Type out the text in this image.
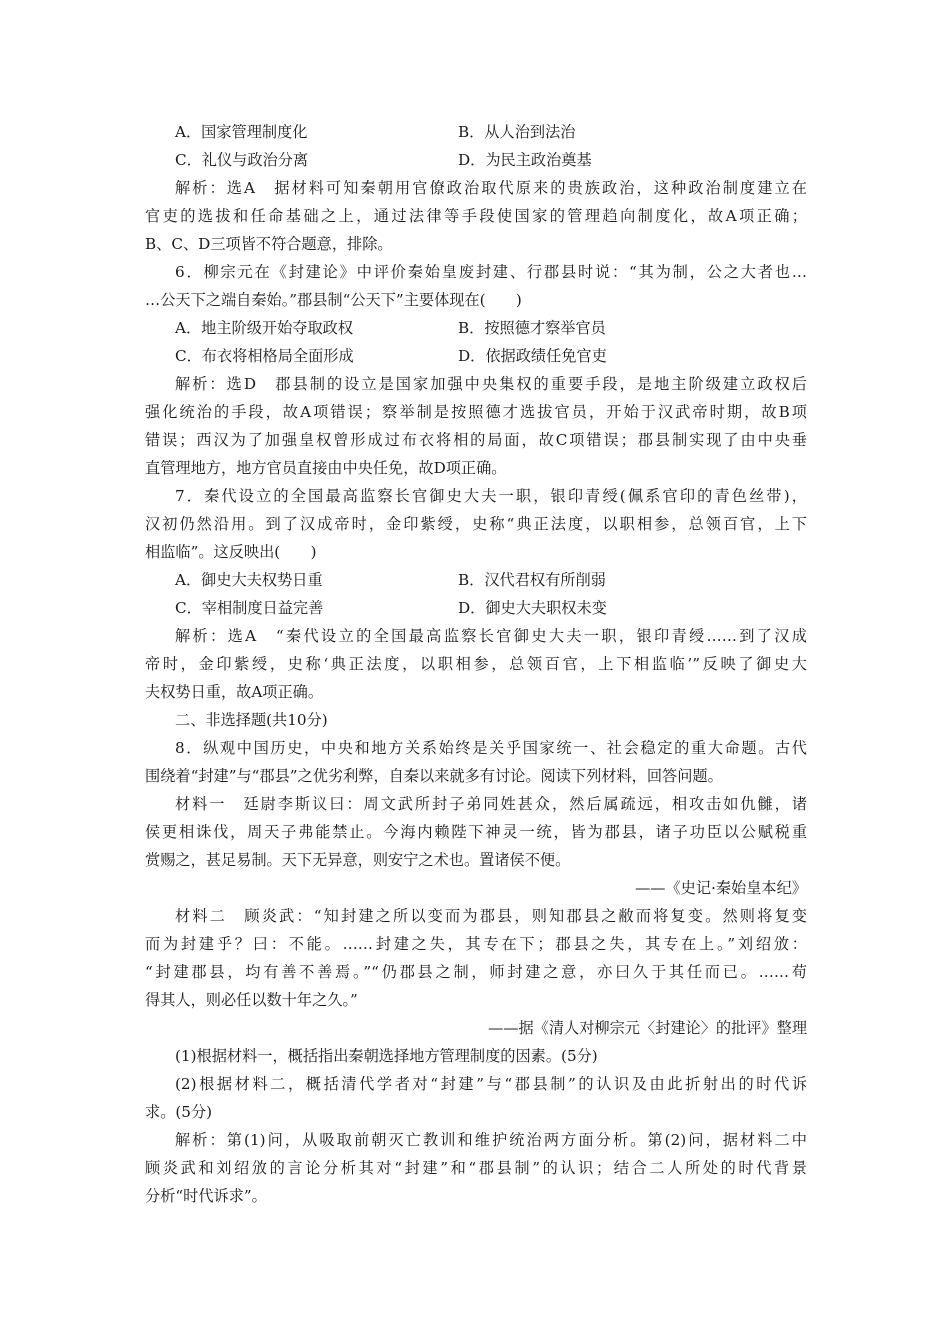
A．国家管理制度化	B．从人治到法治
C．礼仪与政治分离	D．为民主政治奠基
解析：选A　据材料可知秦朝用官僚政治取代原来的贵族政治，这种政治制度建立在
官吏的选拔和任命基础之上，通过法律等手段使国家的管理趋向制度化，故A项正确；
B、C、D三项皆不符合题意，排除。
6．柳宗元在《封建论》中评价秦始皇废封建、行郡县时说：“其为制，公之大者也…
…公天下之端自秦始。”郡县制“公天下”主要体现在(　　)
A．地主阶级开始夺取政权	B．按照德才察举官员
C．布衣将相格局全面形成	D．依据政绩任免官吏
解析：选D　郡县制的设立是国家加强中央集权的重要手段，是地主阶级建立政权后
强化统治的手段，故A项错误；察举制是按照德才选拔官员，开始于汉武帝时期，故B项
错误；西汉为了加强皇权曾形成过布衣将相的局面，故C项错误；郡县制实现了由中央垂
直管理地方，地方官员直接由中央任免，故D项正确。
7．秦代设立的全国最高监察长官御史大夫一职，银印青绶(佩系官印的青色丝带)，
汉初仍然沿用。到了汉成帝时，金印紫绶，史称“典正法度，以职相参，总领百官，上下
相监临”。这反映出(　　)
A．御史大夫权势日重	B．汉代君权有所削弱
C．宰相制度日益完善	D．御史大夫职权未变
解析：选A　“秦代设立的全国最高监察长官御史大夫一职，银印青绶……到了汉成
帝时，金印紫绶，史称‘典正法度，以职相参，总领百官，上下相监临’”反映了御史大
夫权势日重，故A项正确。
二、非选择题(共10分)
8．纵观中国历史，中央和地方关系始终是关乎国家统一、社会稳定的重大命题。古代
围绕着“封建”与“郡县”之优劣利弊，自秦以来就多有讨论。阅读下列材料，回答问题。
材料一　廷尉李斯议曰：周文武所封子弟同姓甚众，然后属疏远，相攻击如仇雠，诸
侯更相诛伐，周天子弗能禁止。今海内赖陛下神灵一统，皆为郡县，诸子功臣以公赋税重
赏赐之，甚足易制。天下无异意，则安宁之术也。置诸侯不便。
——《史记·秦始皇本纪》
材料二　顾炎武：“知封建之所以变而为郡县，则知郡县之敝而将复变。然则将复变
而为封建乎？曰：不能。……封建之失，其专在下；郡县之失，其专在上。”刘绍攽：
“封建郡县，均有善不善焉。”“仍郡县之制，师封建之意，亦曰久于其任而已。……苟
得其人，则必任以数十年之久。”
——据《清人对柳宗元〈封建论〉的批评》整理
(1)根据材料一，概括指出秦朝选择地方管理制度的因素。(5分)
(2)根据材料二，概括清代学者对“封建”与“郡县制”的认识及由此折射出的时代诉
求。(5分)
解析：第(1)问，从吸取前朝灭亡教训和维护统治两方面分析。第(2)问，据材料二中
顾炎武和刘绍攽的言论分析其对“封建”和“郡县制”的认识；结合二人所处的时代背景
分析“时代诉求”。
